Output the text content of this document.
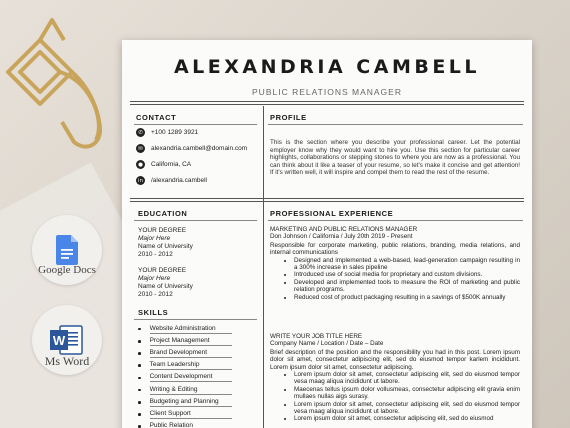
Google Docs
W
Ms Word
ALEXANDRIA CAMBELL
PUBLIC RELATIONS MANAGER
CONTACT
✆	+100 1289 3921
✉	alexandria.cambell@domain.com
●	California, CA
in	/alexandria.cambell
PROFILE
This is the section where you describe your professional career. Let the potential employer know why they would want to hire you. Use this section for particular career highlights, collaborations or stepping stones to where you are now as a professional. You can think about it like a teaser of your resume, so let's make it concise and get attention! If it's written well, it will inspire and compel them to read the rest of the resume.
EDUCATION
YOUR DEGREE
Major Here
Name of University
2010 - 2012
YOUR DEGREE
Major Here
Name of University
2010 - 2012
SKILLS
Website Administration
Project Management
Brand Development
Team Leadership
Content Development
Writing & Editing
Budgeting and Planning
Client Support
Public Relation
PROFESSIONAL EXPERIENCE
MARKETING AND PUBLIC RELATIONS MANAGER
Don Johnson / California / July 20th 2019 - Present
Responsible for corporate marketing, public relations, branding, media relations, and internal communications
• Designed and implemented a web-based, lead-generation campaign resulting in a 300% increase in sales pipeline
• Introduced use of social media for proprietary and custom divisions.
• Developed and implemented tools to measure the ROI of marketing and public relation programs.
• Reduced cost of product packaging resulting in a savings of $500K annually
WRITE YOUR JOB TITLE HERE
Company Name / Location / Date – Date
Brief description of the position and the responsibility you had in this post. Lorem ipsum dolor sit amet, consectetur adipiscing elit, sed do eiusmod tempor karlem incididunt. Lorem ipsum dolor sit amet, consectetur adipiscing.
• Lorem ipsum dolor sit amet, consectetur adipiscing elit, sed do eiusmod tempor vesa maag aliqua incididunt ut labore.
• Maecenas tellus ipsum dolor vollusmeas, consectetur adipiscing elit gravia enim mullaes nullas aigs surasy.
• Lorem ipsum dolor sit amet, consectetur adipiscing elit, sed do eiusmod tempor vesa maag aliqua incididunt ut labore.
• Lorem ipsum dolor sit amet, consectetur adipiscing elit, sed do eiusmod
